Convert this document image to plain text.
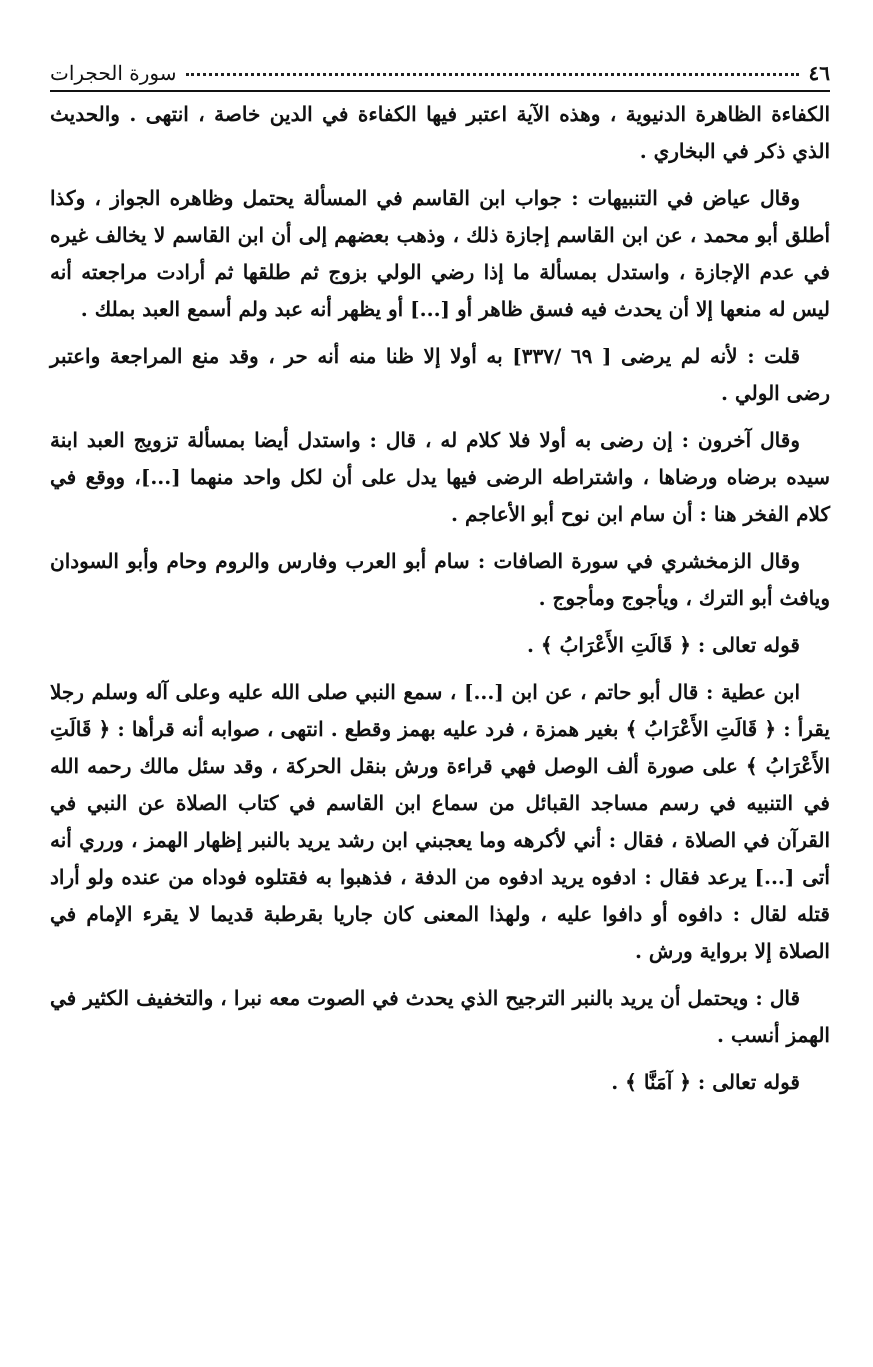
٤٦
سورة الحجرات

الكفاءة الظاهرة الدنيوية ، وهذه الآية اعتبر فيها الكفاءة في الدين خاصة ، انتهى . والحديث الذي ذكر في البخاري .

وقال عياض في التنبيهات : جواب ابن القاسم في المسألة يحتمل وظاهره الجواز ، وكذا أطلق أبو محمد ، عن ابن القاسم إجازة ذلك ، وذهب بعضهم إلى أن ابن القاسم لا يخالف غيره في عدم الإجازة ، واستدل بمسألة ما إذا رضي الولي بزوج ثم طلقها ثم أرادت مراجعته أنه ليس له منعها إلا أن يحدث فيه فسق ظاهر أو [...] أو يظهر أنه عبد ولم أسمع العبد بملك .

قلت : لأنه لم يرضى [ ٦٩ /٣٣٧] به أولا إلا ظنا منه أنه حر ، وقد منع المراجعة واعتبر رضى الولي .

وقال آخرون : إن رضى به أولا فلا كلام له ، قال : واستدل أيضا بمسألة تزويج العبد ابنة سيده برضاه ورضاها ، واشتراطه الرضى فيها يدل على أن لكل واحد منهما [...]، ووقع في كلام الفخر هنا : أن سام ابن نوح أبو الأعاجم .

وقال الزمخشري في سورة الصافات : سام أبو العرب وفارس والروم وحام وأبو السودان ويافث أبو الترك ، ويأجوج ومأجوج .

قوله تعالى : ﴿ قَالَتِ الأَعْرَابُ ﴾ .

ابن عطية : قال أبو حاتم ، عن ابن [...] ، سمع النبي صلى الله عليه وعلى آله وسلم رجلا يقرأ : ﴿ قَالَتِ الأَعْرَابُ ﴾ بغير همزة ، فرد عليه بهمز وقطع . انتهى ، صوابه أنه قرأها : ﴿ قَالَتِ الأَعْرَابُ ﴾ على صورة ألف الوصل فهي قراءة ورش بنقل الحركة ، وقد سئل مالك رحمه الله في التنبيه في رسم مساجد القبائل من سماع ابن القاسم في كتاب الصلاة عن النبي في القرآن في الصلاة ، فقال : أني لأكرهه وما يعجبني ابن رشد يريد بالنبر إظهار الهمز ، ورري أنه أتى [...] يرعد فقال : ادفوه يريد ادفوه من الدفة ، فذهبوا به فقتلوه فوداه من عنده ولو أراد قتله لقال : دافوه أو دافوا عليه ، ولهذا المعنى كان جاريا بقرطبة قديما لا يقرء الإمام في الصلاة إلا برواية ورش .

قال : ويحتمل أن يريد بالنبر الترجيح الذي يحدث في الصوت معه نبرا ، والتخفيف الكثير في الهمز أنسب .

قوله تعالى : ﴿ آمَنَّا ﴾ .
